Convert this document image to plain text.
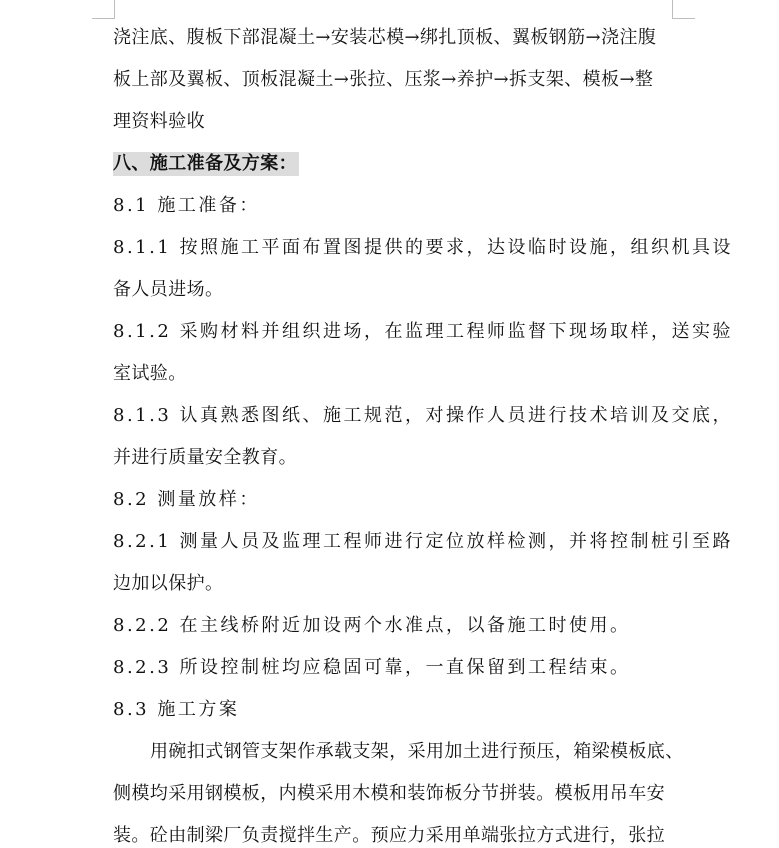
浇注底、腹板下部混凝土→安装芯模→绑扎顶板、翼板钢筋→浇注腹
板上部及翼板、顶板混凝土→张拉、压浆→养护→拆支架、模板→整
理资料验收
八、施工准备及方案：
8.1 施工准备：
8.1.1 按照施工平面布置图提供的要求，达设临时设施，组织机具设
备人员进场。
8.1.2 采购材料并组织进场，在监理工程师监督下现场取样，送实验
室试验。
8.1.3 认真熟悉图纸、施工规范，对操作人员进行技术培训及交底，
并进行质量安全教育。
8.2 测量放样：
8.2.1 测量人员及监理工程师进行定位放样检测，并将控制桩引至路
边加以保护。
8.2.2 在主线桥附近加设两个水准点，以备施工时使用。
8.2.3 所设控制桩均应稳固可靠，一直保留到工程结束。
8.3 施工方案
用碗扣式钢管支架作承载支架，采用加土进行预压，箱梁模板底、
侧模均采用钢模板，内模采用木模和装饰板分节拼装。模板用吊车安
装。砼由制梁厂负责搅拌生产。预应力采用单端张拉方式进行，张拉
